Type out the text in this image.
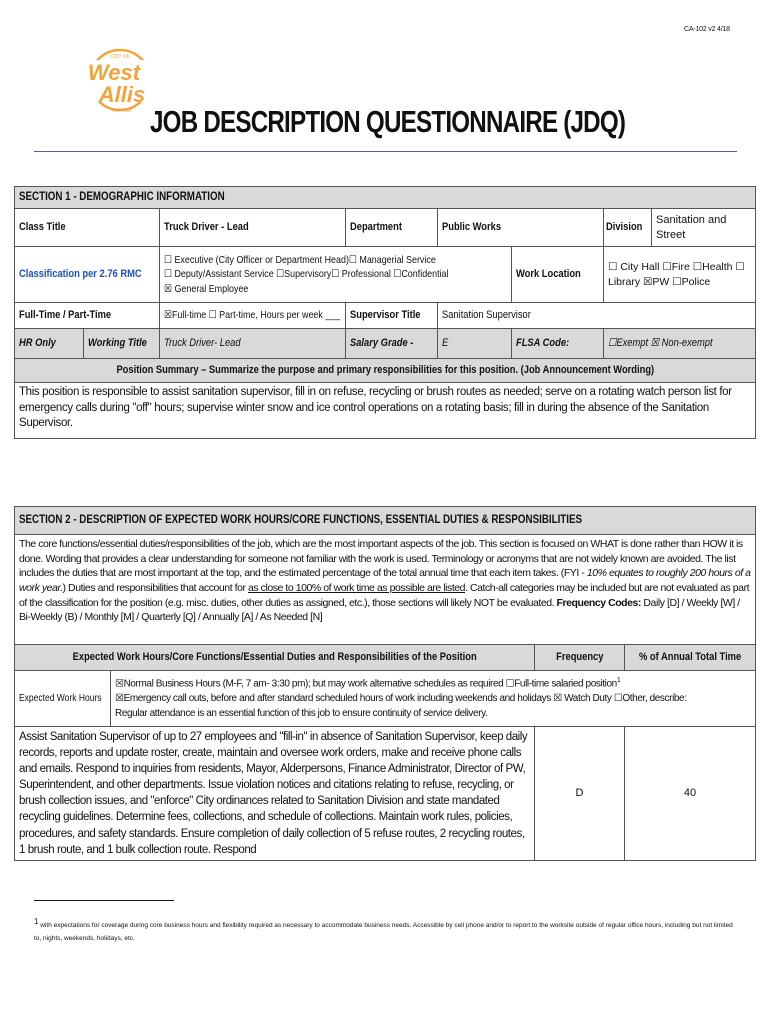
CA-102 v2 4/18
CITY OF
West
Allis
EST. 1906 JOB DESCRIPTION QUESTIONNAIRE (JDQ)
SECTION 1 - DEMOGRAPHIC INFORMATION							
Class Title		Truck Driver - Lead	Department	Public Works		Division	Sanitation and Street
Classification per 2.76 RMC		☐ Executive (City Officer or Department Head)☐ Managerial Service
☐ Deputy/Assistant Service ☐Supervisory☐ Professional ☐Confidential
☒ General Employee			Work Location	☐ City Hall ☐Fire ☐Health ☐ Library ☒PW ☐Police	
Full-Time / Part-Time		☒Full-time ☐ Part-time, Hours per week ___	Supervisor Title	Sanitation Supervisor			
HR Only	Working Title	Truck Driver- Lead	Salary Grade -	E	FLSA Code:	☐Exempt ☒ Non-exempt	
Position Summary – Summarize the purpose and primary responsibilities for this position. (Job Announcement Wording)							
This position is responsible to assist sanitation supervisor, fill in on refuse, recycling or brush routes as needed; serve on a rotating watch person list for emergency calls during "off" hours; supervise winter snow and ice control operations on a rotating basis; fill in during the absence of the Sanitation Supervisor.							
SECTION 2 - DESCRIPTION OF EXPECTED WORK HOURS/CORE FUNCTIONS, ESSENTIAL DUTIES & RESPONSIBILITIES			
The core functions/essential duties/responsibilities of the job, which are the most important aspects of the job. This section is focused on WHAT is done rather than HOW it is done. Wording that provides a clear understanding for someone not familiar with the work is used. Terminology or acronyms that are not widely known are avoided. The list includes the duties that are most important at the top, and the estimated percentage of the total annual time that each item takes. (FYI - 10% equates to roughly 200 hours of a work year.) Duties and responsibilities that account for as close to 100% of work time as possible are listed. Catch-all categories may be included but are not evaluated as part of the classification for the position (e.g. misc. duties, other duties as assigned, etc.), those sections will likely NOT be evaluated. Frequency Codes: Daily [D] / Weekly [W] / Bi-Weekly (B) / Monthly [M] / Quarterly [Q] / Annually [A] / As Needed [N]			
Expected Work Hours/Core Functions/Essential Duties and Responsibilities of the Position		Frequency	% of Annual Total Time
Expected Work Hours	☒Normal Business Hours (M-F, 7 am- 3:30 pm); but may work alternative schedules as required ☐Full-time salaried position$^1$
☒Emergency call outs, before and after standard scheduled hours of work including weekends and holidays ☒ Watch Duty ☐Other, describe:
Regular attendance is an essential function of this job to ensure continuity of service delivery.		

Assist Sanitation Supervisor of up to 27 employees and "fill-in" in absence of Sanitation Supervisor, keep daily records, reports and update roster, create, maintain and oversee work orders, make and receive phone calls and emails. Respond to inquiries from residents, Mayor, Alderpersons, Finance Administrator, Director of PW, Superintendent, and other departments. Issue violation notices and citations relating to refuse, recycling, or brush collection issues, and "enforce" City ordinances related to Sanitation Division and state mandated recycling guidelines. Determine fees, collections, and schedule of collections. Maintain work rules, policies, procedures, and safety standards. Ensure completion of daily collection of 5 refuse routes, 2 recycling routes, 1 brush route, and 1 bulk collection route. Respond		D	40
$^1$ with expectations for coverage during core business hours and flexibility required as necessary to accommodate business needs. Accessible by cell phone and/or to report to the worksite outside of regular office hours, including but not limited to, nights, weekends, holidays, etc.
